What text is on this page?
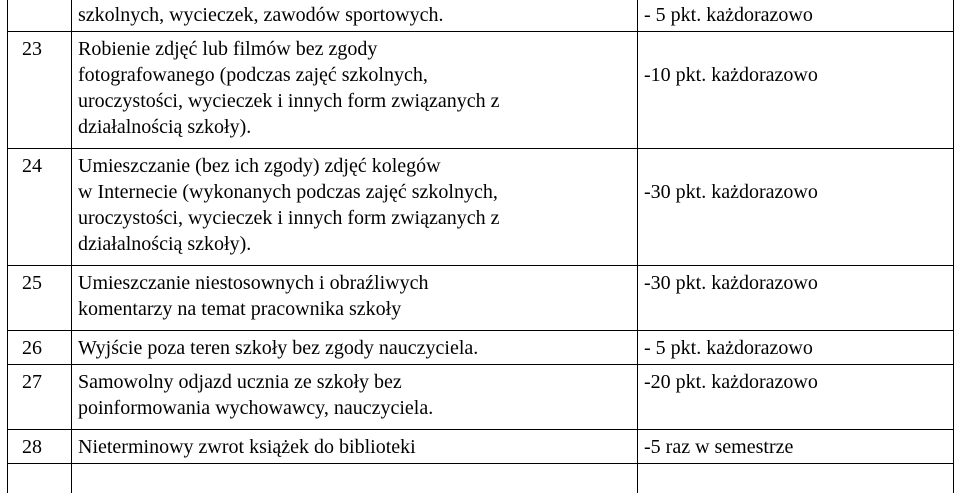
	szkolnych, wycieczek, zawodów sportowych.	- 5 pkt. każdorazowo
23	Robienie zdjęć lub filmów bez zgody
fotografowanego (podczas zajęć szkolnych,
uroczystości, wycieczek i innych form związanych z
działalnością szkoły).	-10 pkt. każdorazowo
24	Umieszczanie (bez ich zgody) zdjęć kolegów
w Internecie (wykonanych podczas zajęć szkolnych,
uroczystości, wycieczek i innych form związanych z
działalnością szkoły).	-30 pkt. każdorazowo
25	Umieszczanie niestosownych i obraźliwych
komentarzy na temat pracownika szkoły	-30 pkt. każdorazowo
26	Wyjście poza teren szkoły bez zgody nauczyciela.	- 5 pkt. każdorazowo
27	Samowolny odjazd ucznia ze szkoły bez
poinformowania wychowawcy, nauczyciela.	-20 pkt. każdorazowo
28	Nieterminowy zwrot książek do biblioteki	-5 raz w semestrze
